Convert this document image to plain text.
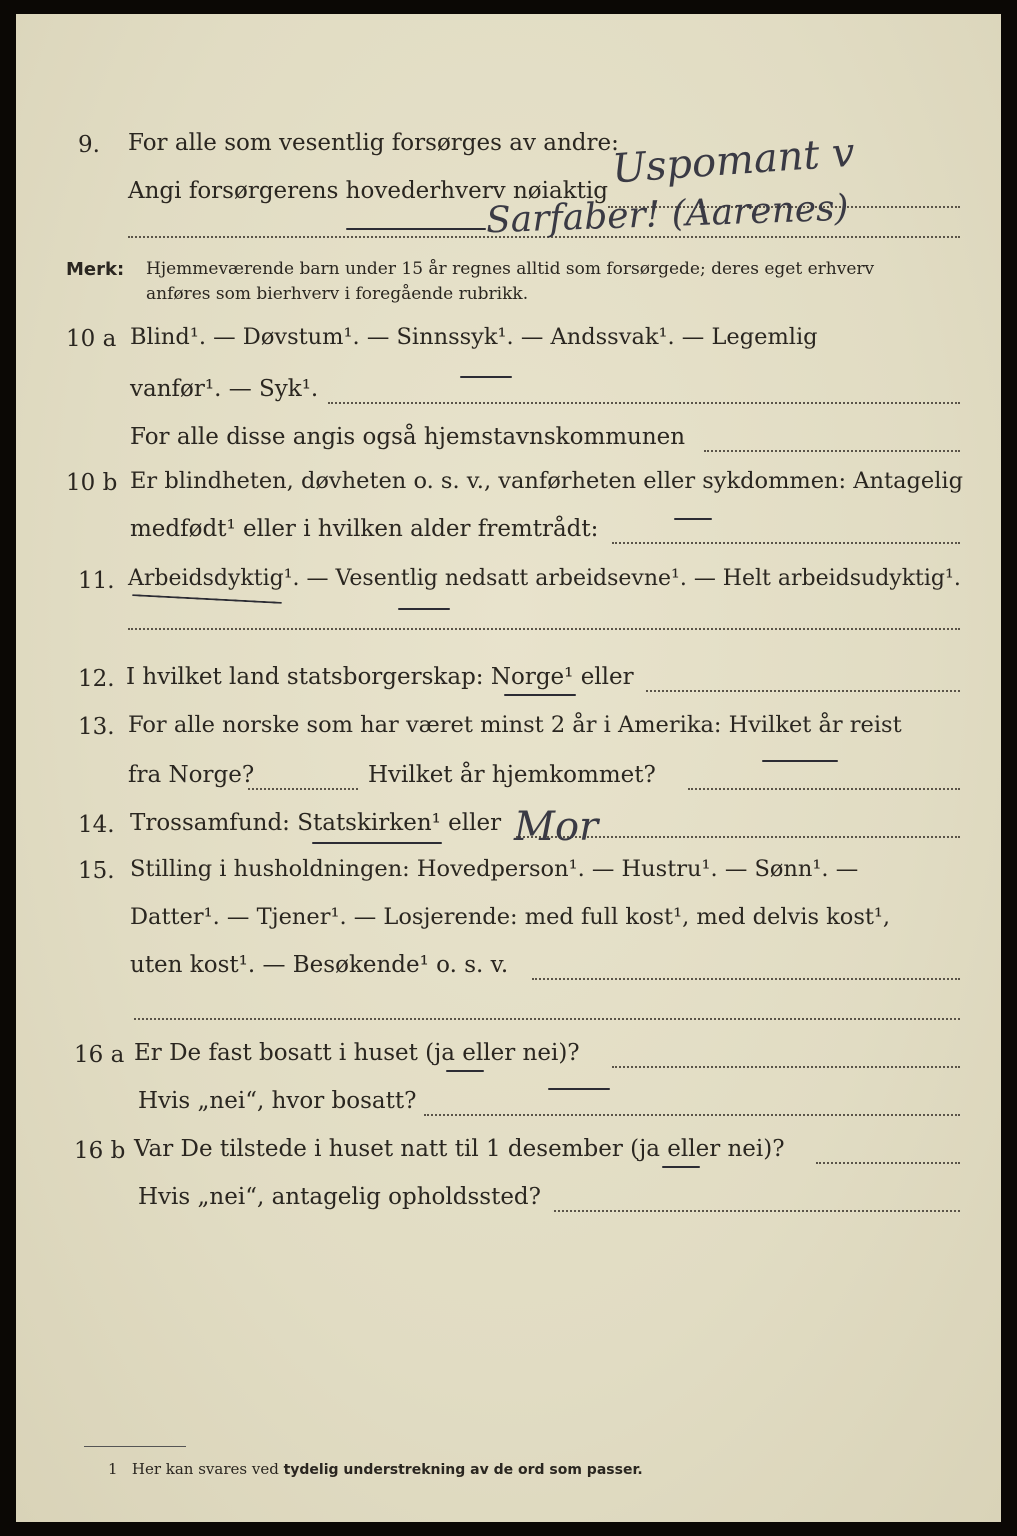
9. For alle som vesentlig forsørges av andre:
Angi forsørgerens hovederhverv nøiaktig Uspomant v
Sarfaber! (Aarenes)
Merk: Hjemmeværende barn under 15 år regnes alltid som forsørgede; deres eget erhverv
anføres som bierhverv i foregående rubrikk.
10 a Blind¹. — Døvstum¹. — Sinnssyk¹. — Andssvak¹. — Legemlig
vanfør¹. — Syk¹.
For alle disse angis også hjemstavnskommunen
10 b Er blindheten, døvheten o. s. v., vanførheten eller sykdommen: Antagelig
medfødt¹ eller i hvilken alder fremtrådt:
11. Arbeidsdyktig¹. — Vesentlig nedsatt arbeidsevne¹. — Helt arbeidsudyktig¹.
12. I hvilket land statsborgerskap: Norge¹ eller
13. For alle norske som har været minst 2 år i Amerika: Hvilket år reist
fra Norge?	Hvilket år hjemkommet?
14. Trossamfund: Statskirken¹ eller Mor
15. Stilling i husholdningen: Hovedperson¹. — Hustru¹. — Sønn¹. —
Datter¹. — Tjener¹. — Losjerende: med full kost¹, med delvis kost¹,
uten kost¹. — Besøkende¹ o. s. v.
16 a Er De fast bosatt i huset (ja eller nei)?
Hvis „nei“, hvor bosatt?
16 b Var De tilstede i huset natt til 1 desember (ja eller nei)?
Hvis „nei“, antagelig opholdssted?
1 Her kan svares ved tydelig understrekning av de ord som passer.
